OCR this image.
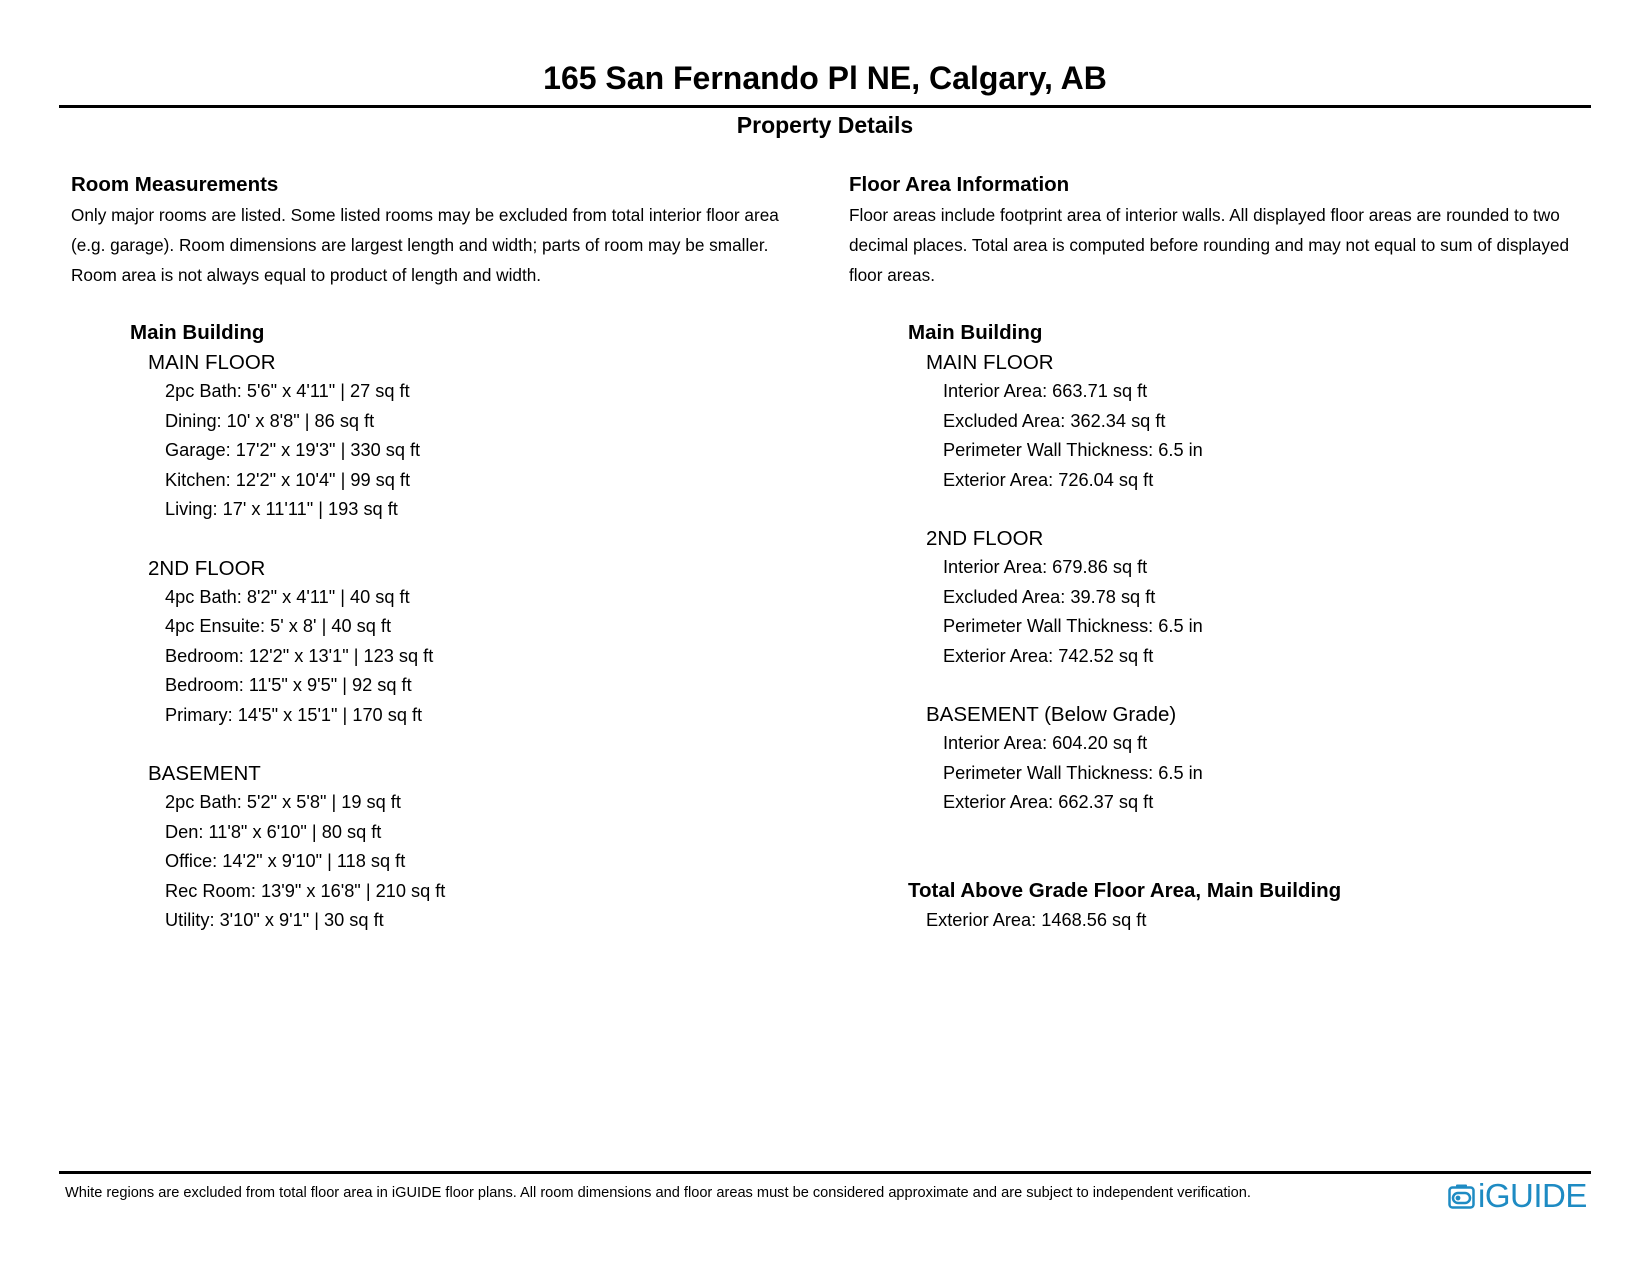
165 San Fernando Pl NE, Calgary, AB
Property Details
Room Measurements
Only major rooms are listed. Some listed rooms may be excluded from total interior floor area
(e.g. garage). Room dimensions are largest length and width; parts of room may be smaller.
Room area is not always equal to product of length and width.
Main Building
MAIN FLOOR
2pc Bath: 5'6" x 4'11" | 27 sq ft
Dining: 10' x 8'8" | 86 sq ft
Garage: 17'2" x 19'3" | 330 sq ft
Kitchen: 12'2" x 10'4" | 99 sq ft
Living: 17' x 11'11" | 193 sq ft
2ND FLOOR
4pc Bath: 8'2" x 4'11" | 40 sq ft
4pc Ensuite: 5' x 8' | 40 sq ft
Bedroom: 12'2" x 13'1" | 123 sq ft
Bedroom: 11'5" x 9'5" | 92 sq ft
Primary: 14'5" x 15'1" | 170 sq ft
BASEMENT
2pc Bath: 5'2" x 5'8" | 19 sq ft
Den: 11'8" x 6'10" | 80 sq ft
Office: 14'2" x 9'10" | 118 sq ft
Rec Room: 13'9" x 16'8" | 210 sq ft
Utility: 3'10" x 9'1" | 30 sq ft
Floor Area Information
Floor areas include footprint area of interior walls. All displayed floor areas are rounded to two
decimal places. Total area is computed before rounding and may not equal to sum of displayed
floor areas.
Main Building
MAIN FLOOR
Interior Area: 663.71 sq ft
Excluded Area: 362.34 sq ft
Perimeter Wall Thickness: 6.5 in
Exterior Area: 726.04 sq ft
2ND FLOOR
Interior Area: 679.86 sq ft
Excluded Area: 39.78 sq ft
Perimeter Wall Thickness: 6.5 in
Exterior Area: 742.52 sq ft
BASEMENT (Below Grade)
Interior Area: 604.20 sq ft
Perimeter Wall Thickness: 6.5 in
Exterior Area: 662.37 sq ft
Total Above Grade Floor Area, Main Building
Exterior Area: 1468.56 sq ft
White regions are excluded from total floor area in iGUIDE floor plans. All room dimensions and floor areas must be considered approximate and are subject to independent verification.	iGUIDE
